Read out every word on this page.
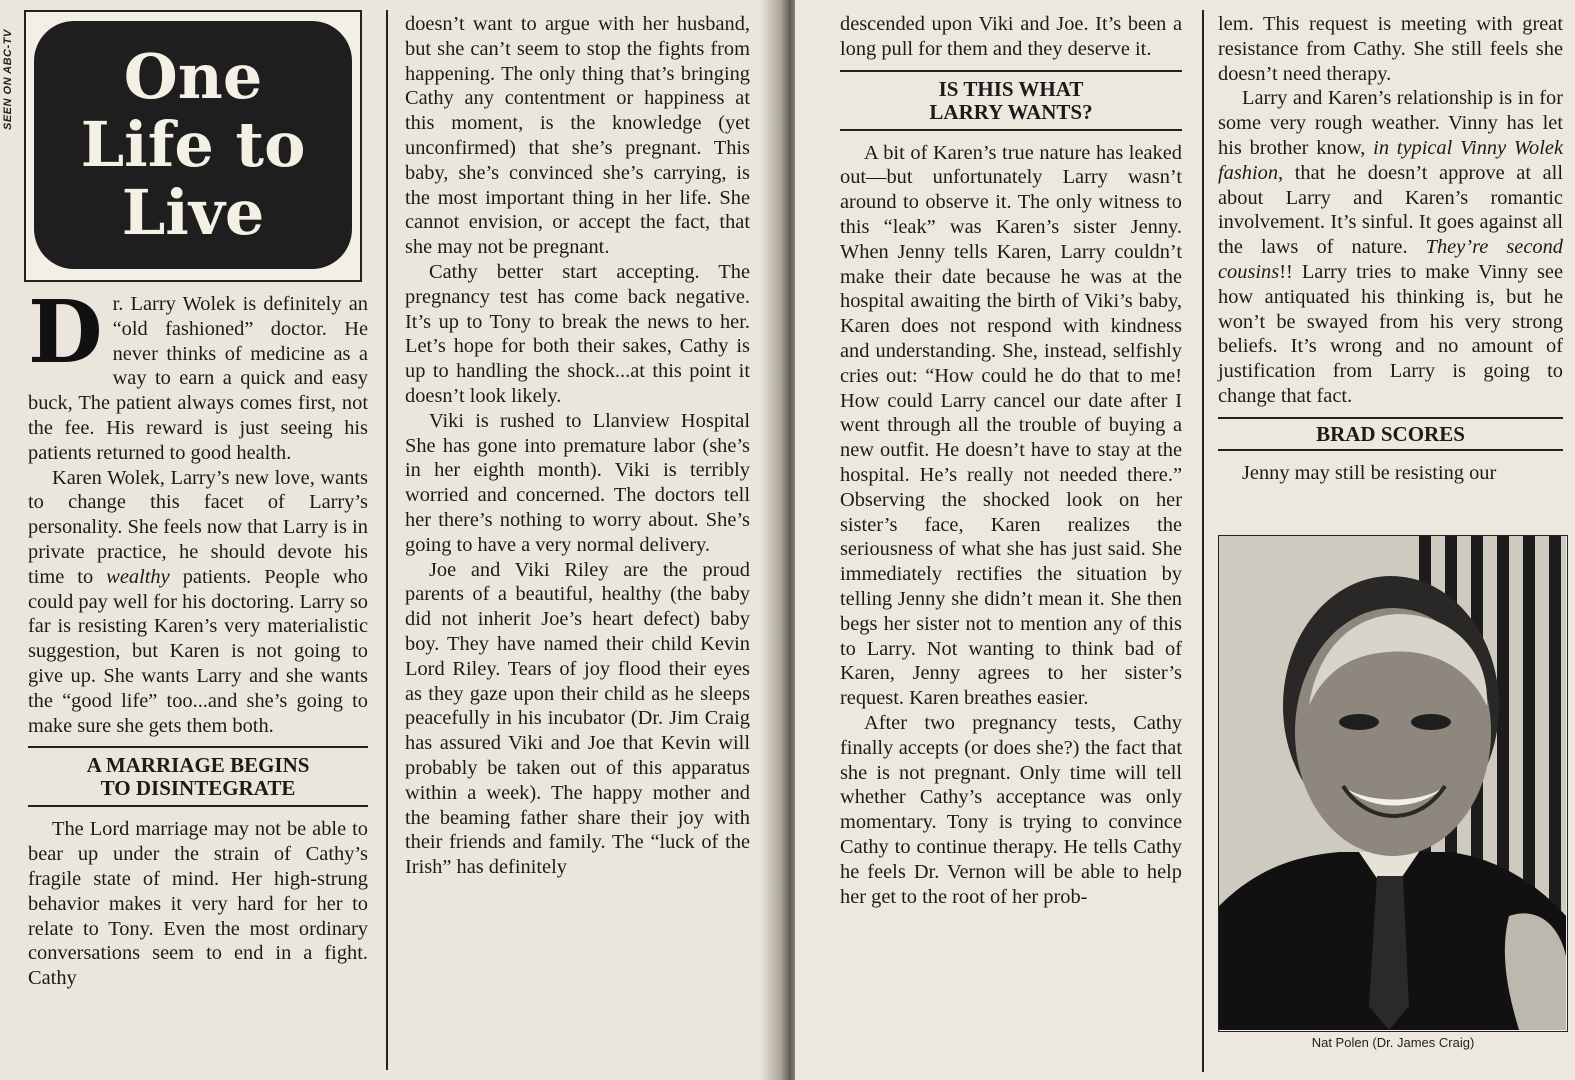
SEEN ON ABC-TV	One
Life to
Live

Dr. Larry Wolek is definitely an “old fashioned” doctor. He never thinks of medicine as a way to earn a quick and easy buck, The patient always comes first, not the fee. His reward is just seeing his patients returned to good health.

Karen Wolek, Larry’s new love, wants to change this facet of Larry’s personality. She feels now that Larry is in private practice, he should devote his time to wealthy patients. People who could pay well for his doctoring. Larry so far is resisting Karen’s very materialistic suggestion, but Karen is not going to give up. She wants Larry and she wants the “good life” too...and she’s going to make sure she gets them both.

A MARRIAGE BEGINS
TO DISINTEGRATE

The Lord marriage may not be able to bear up under the strain of Cathy’s fragile state of mind. Her high-strung behavior makes it very hard for her to relate to Tony. Even the most ordinary conversations seem to end in a fight. Cathy

doesn’t want to argue with her husband, but she can’t seem to stop the fights from happening. The only thing that’s bringing Cathy any contentment or happiness at this moment, is the knowledge (yet unconfirmed) that she’s pregnant. This baby, she’s convinced she’s carrying, is the most important thing in her life. She cannot envision, or accept the fact, that she may not be pregnant.

Cathy better start accepting. The pregnancy test has come back negative. It’s up to Tony to break the news to her. Let’s hope for both their sakes, Cathy is up to handling the shock...at this point it doesn’t look likely.

Viki is rushed to Llanview Hospital She has gone into premature labor (she’s in her eighth month). Viki is terribly worried and concerned. The doctors tell her there’s nothing to worry about. She’s going to have a very normal delivery.

Joe and Viki Riley are the proud parents of a beautiful, healthy (the baby did not inherit Joe’s heart defect) baby boy. They have named their child Kevin Lord Riley. Tears of joy flood their eyes as they gaze upon their child as he sleeps peacefully in his incubator (Dr. Jim Craig has assured Viki and Joe that Kevin will probably be taken out of this apparatus within a week). The happy mother and the beaming father share their joy with their friends and family. The “luck of the Irish” has definitely

descended upon Viki and Joe. It’s been a long pull for them and they deserve it.

IS THIS WHAT
LARRY WANTS?

A bit of Karen’s true nature has leaked out—but unfortunately Larry wasn’t around to observe it. The only witness to this “leak” was Karen’s sister Jenny. When Jenny tells Karen, Larry couldn’t make their date because he was at the hospital awaiting the birth of Viki’s baby, Karen does not respond with kindness and understanding. She, instead, selfishly cries out: “How could he do that to me! How could Larry cancel our date after I went through all the trouble of buying a new outfit. He doesn’t have to stay at the hospital. He’s really not needed there.” Observing the shocked look on her sister’s face, Karen realizes the seriousness of what she has just said. She immediately rectifies the situation by telling Jenny she didn’t mean it. She then begs her sister not to mention any of this to Larry. Not wanting to think bad of Karen, Jenny agrees to her sister’s request. Karen breathes easier.

After two pregnancy tests, Cathy finally accepts (or does she?) the fact that she is not pregnant. Only time will tell whether Cathy’s acceptance was only momentary. Tony is trying to convince Cathy to continue therapy. He tells Cathy he feels Dr. Vernon will be able to help her get to the root of her prob-

lem. This request is meeting with great resistance from Cathy. She still feels she doesn’t need therapy.

Larry and Karen’s relationship is in for some very rough weather. Vinny has let his brother know, in typical Vinny Wolek fashion, that he doesn’t approve at all about Larry and Karen’s romantic involvement. It’s sinful. It goes against all the laws of nature. They’re second cousins!! Larry tries to make Vinny see how antiquated his thinking is, but he won’t be swayed from his very strong beliefs. It’s wrong and no amount of justification from Larry is going to change that fact.

BRAD SCORES

Jenny may still be resisting our

Nat Polen (Dr. James Craig)
